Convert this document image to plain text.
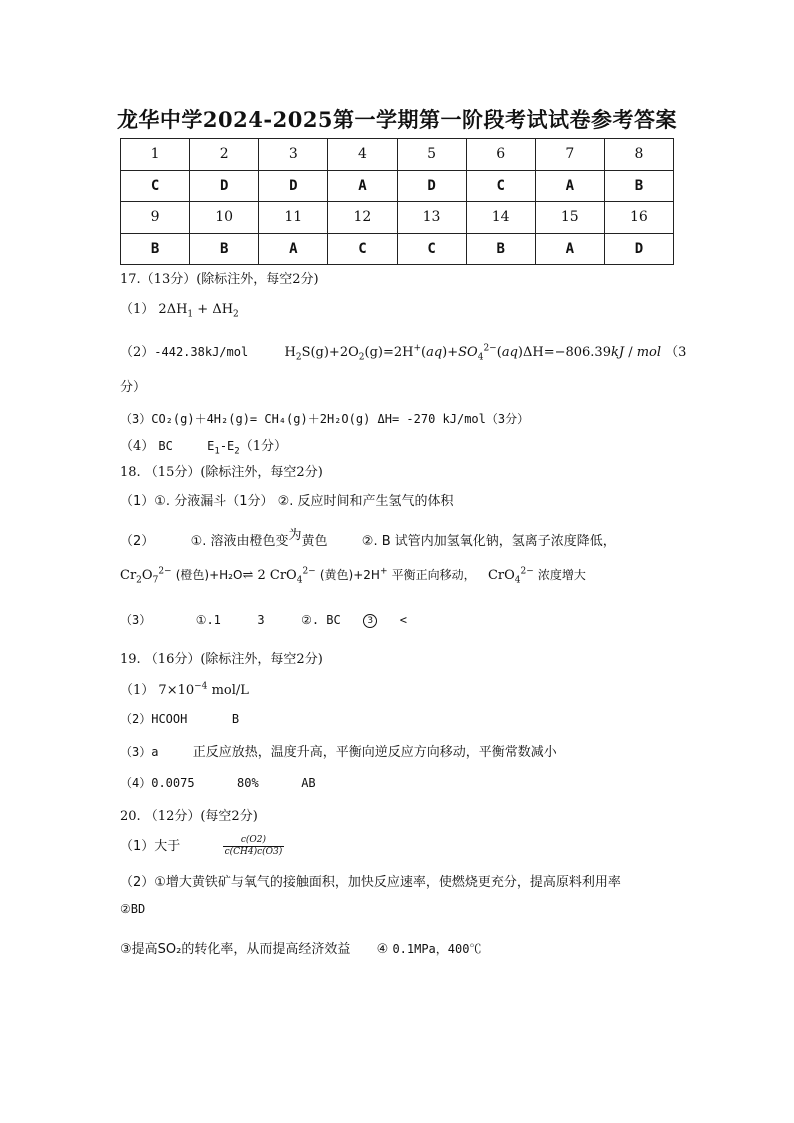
龙华中学2024-2025第一学期第一阶段考试试卷参考答案
1	2	3	4	5	6	7	8
C	D	D	A	D	C	A	B
9	10	11	12	13	14	15	16
B	B	A	C	C	B	A	D
17.（13分）(除标注外，每空2分)
（1） $2\Delta H_1 + \Delta H_2$
（2）-442.38kJ/mol	$H_2S(g)+2O_2(g)=2H^+(aq)+SO_4^{2-}(aq)\Delta H=-806.39kJ$ / mol （3
分）
（3）CO₂(g)＋4H₂(g)= CH₄(g)＋2H₂O(g) ΔH= -270 kJ/mol（3分）
（4） BC	$E_1-E_2(1$分）
18. （15分）(除标注外，每空2分)
（1）①. 分液漏斗（1分） ②. 反应时间和产生氢气的体积
（2）	①. 溶液由橙色变为黄色	②. B 试管内加氢氧化钠，氢离子浓度降低，
$Cr_2O_7^{2-}$ (橙色)+H₂O⇌ 2 CrO$_4^{2-}$ (黄色)+2H+ 平衡正向移动， CrO$_4^{2-}$ 浓度增大
（3）	①.1	3	②. BC	3 <
19. （16分）(除标注外，每空2分)
（1） $7\times 10^{-4}$ mol/L
（2）HCOOH	B
（3）a	正反应放热，温度升高，平衡向逆反应方向移动，平衡常数减小
（4）0.0075	80%	AB
20. （12分）(每空2分)
（1）大于	$\frac{c(O2)}{c(CH4)c(O3)}$
（2）①增大黄铁矿与氧气的接触面积，加快反应速率，使燃烧更充分，提高原料利用率
②BD
③提高SO₂的转化率，从而提高经济效益 ④ 0.1MPa，400℃
